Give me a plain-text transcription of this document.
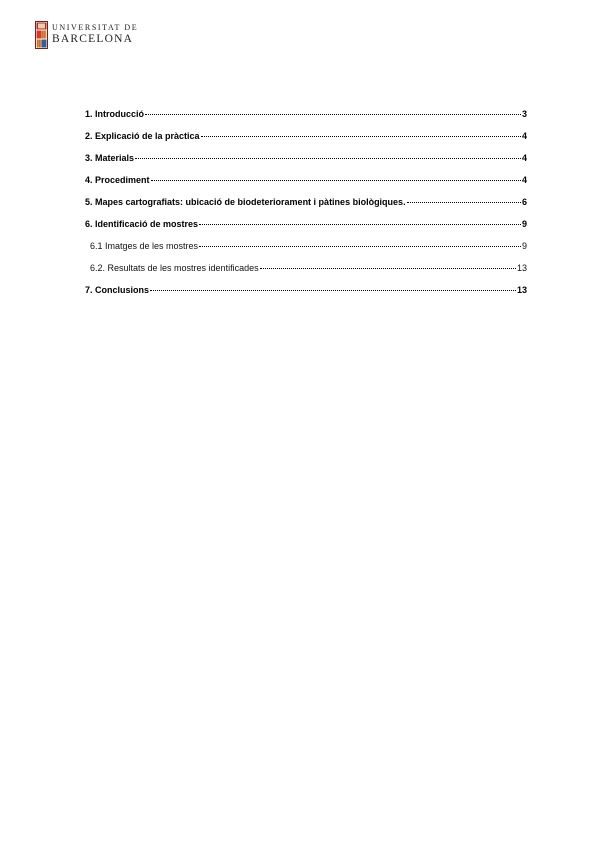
UNIVERSITAT DE
BARCELONA
1. Introducció	3
2. Explicació de la pràctica	4
3. Materials	4
4. Procediment	4
5. Mapes cartografiats: ubicació de biodeteriorament i pàtines biològiques.	6
6. Identificació de mostres	9
6.1 Imatges de les mostres	9
6.2. Resultats de les mostres identificades	13
7. Conclusions	13
